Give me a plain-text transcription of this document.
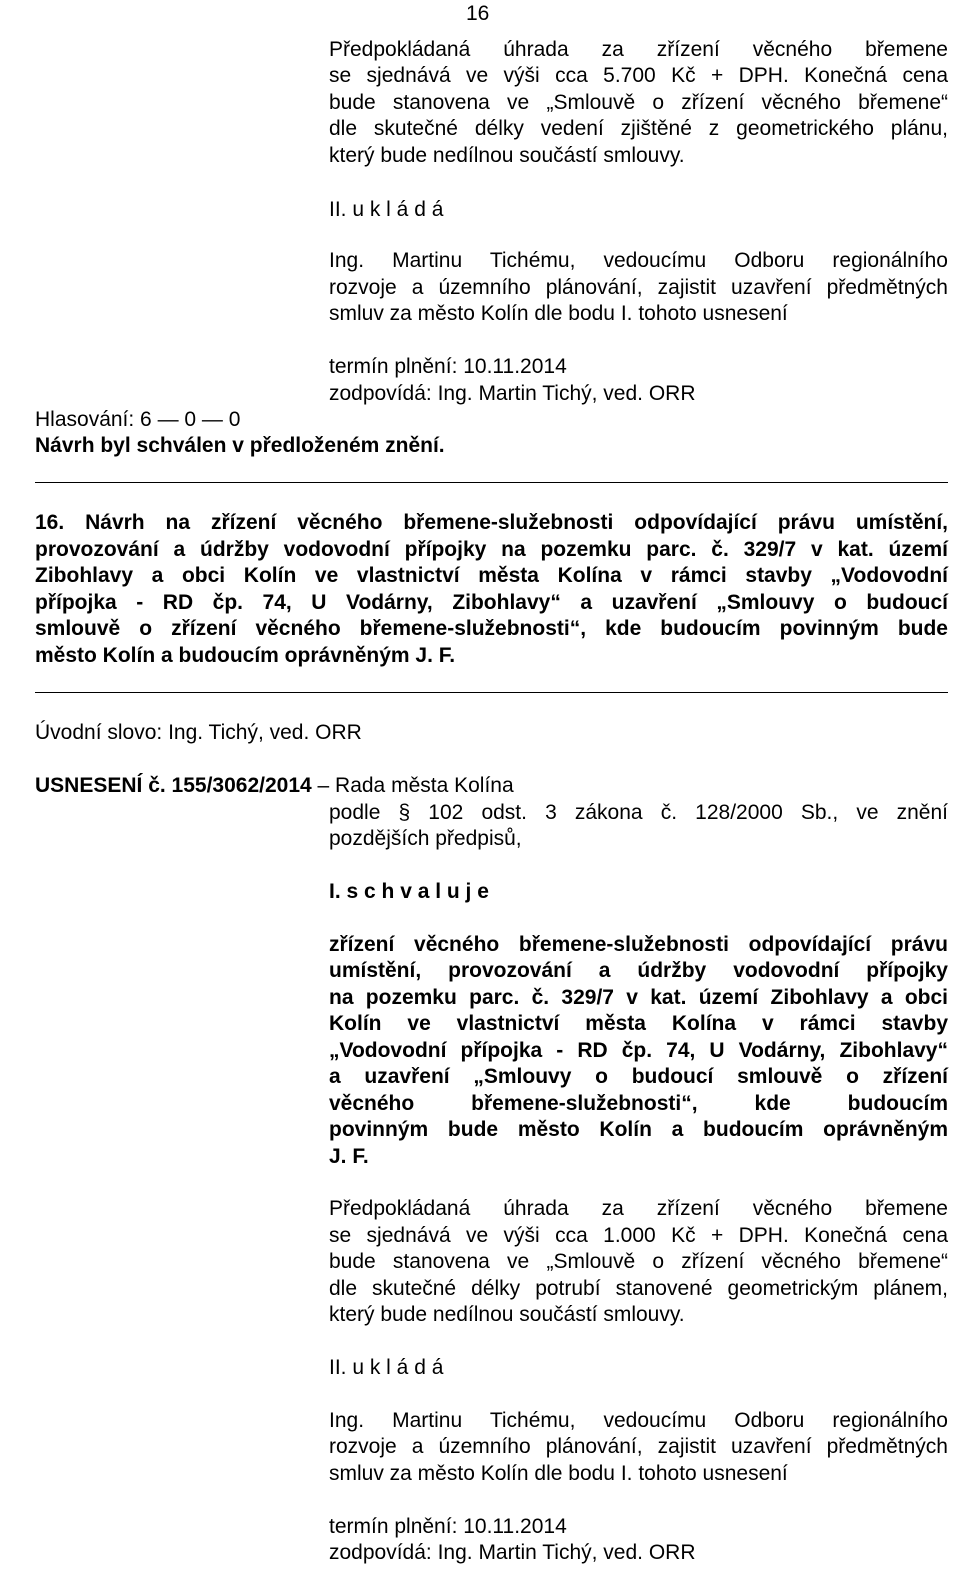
16
Předpokládaná úhrada za zřízení věcného břemene
se sjednává ve výši cca 5.700 Kč + DPH. Konečná cena
bude stanovena ve „Smlouvě o zřízení věcného břemene“
dle skutečné délky vedení zjištěné z geometrického plánu,
který bude nedílnou součástí smlouvy.
II. u k l á d á
Ing. Martinu Tichému, vedoucímu Odboru regionálního
rozvoje a územního plánování, zajistit uzavření předmětných
smluv za město Kolín dle bodu I. tohoto usnesení
termín plnění: 10.11.2014
zodpovídá: Ing. Martin Tichý, ved. ORR
Hlasování: 6 — 0 — 0
Návrh byl schválen v předloženém znění.
16. Návrh na zřízení věcného břemene-služebnosti odpovídající právu umístění,
provozování a údržby vodovodní přípojky na pozemku parc. č. 329/7 v kat. území
Zibohlavy a obci Kolín ve vlastnictví města Kolína v rámci stavby „Vodovodní
přípojka - RD čp. 74, U Vodárny, Zibohlavy“ a uzavření „Smlouvy o budoucí
smlouvě o zřízení věcného břemene-služebnosti“, kde budoucím povinným bude
město Kolín a budoucím oprávněným J. F.
Úvodní slovo: Ing. Tichý, ved. ORR
USNESENÍ č. 155/3062/2014 – Rada města Kolína
podle § 102 odst. 3 zákona č. 128/2000 Sb., ve znění
pozdějších předpisů,
I. s c h v a l u j e
zřízení věcného břemene-služebnosti odpovídající právu
umístění, provozování a údržby vodovodní přípojky
na pozemku parc. č. 329/7 v kat. území Zibohlavy a obci
Kolín ve vlastnictví města Kolína v rámci stavby
„Vodovodní přípojka - RD čp. 74, U Vodárny, Zibohlavy“
a uzavření „Smlouvy o budoucí smlouvě o zřízení
věcného břemene-služebnosti“, kde budoucím
povinným bude město Kolín a budoucím oprávněným
J. F.
Předpokládaná úhrada za zřízení věcného břemene
se sjednává ve výši cca 1.000 Kč + DPH. Konečná cena
bude stanovena ve „Smlouvě o zřízení věcného břemene“
dle skutečné délky potrubí stanovené geometrickým plánem,
který bude nedílnou součástí smlouvy.
II. u k l á d á
Ing. Martinu Tichému, vedoucímu Odboru regionálního
rozvoje a územního plánování, zajistit uzavření předmětných
smluv za město Kolín dle bodu I. tohoto usnesení
termín plnění: 10.11.2014
zodpovídá: Ing. Martin Tichý, ved. ORR
